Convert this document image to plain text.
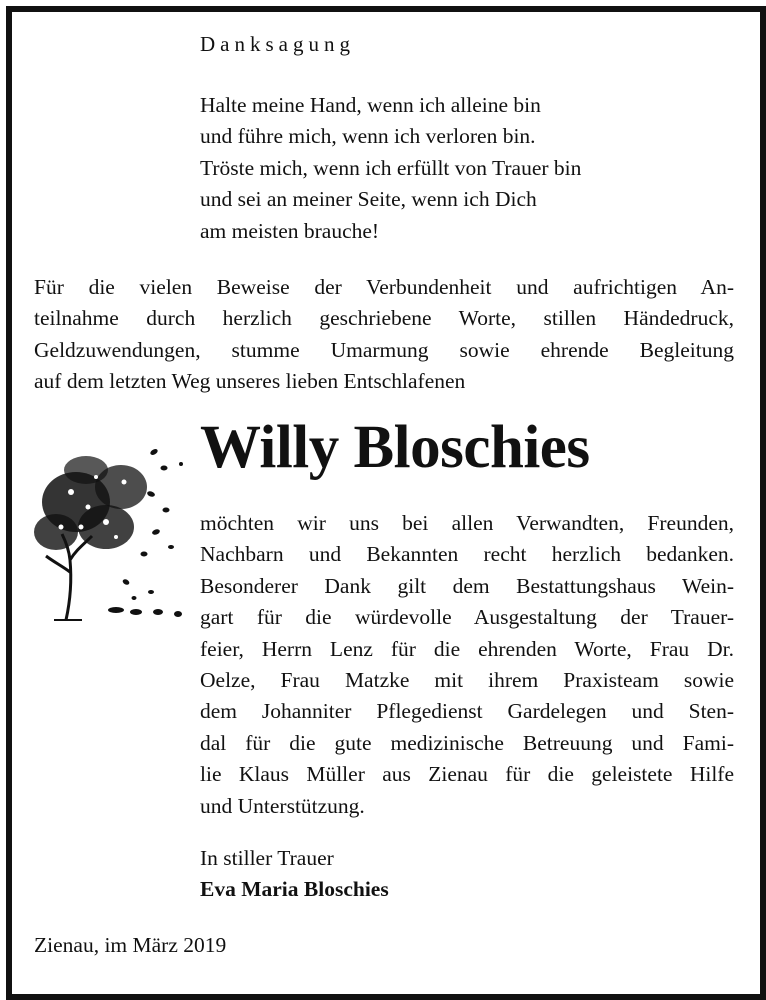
Danksagung
Halte meine Hand, wenn ich alleine bin
und führe mich, wenn ich verloren bin.
Tröste mich, wenn ich erfüllt von Trauer bin
und sei an meiner Seite, wenn ich Dich
am meisten brauche!
Für die vielen Beweise der Verbundenheit und aufrichtigen An-
teilnahme durch herzlich geschriebene Worte, stillen Händedruck,
Geldzuwendungen, stumme Umarmung sowie ehrende Begleitung
auf dem letzten Weg unseres lieben Entschlafenen
Willy Bloschies
möchten wir uns bei allen Verwandten, Freunden,
Nachbarn und Bekannten recht herzlich bedanken.
Besonderer Dank gilt dem Bestattungshaus Wein-
gart für die würdevolle Ausgestaltung der Trauer-
feier, Herrn Lenz für die ehrenden Worte, Frau Dr.
Oelze, Frau Matzke mit ihrem Praxisteam sowie
dem Johanniter Pflegedienst Gardelegen und Sten-
dal für die gute medizinische Betreuung und Fami-
lie Klaus Müller aus Zienau für die geleistete Hilfe
und Unterstützung.
In stiller Trauer
Eva Maria Bloschies
Zienau, im März 2019
